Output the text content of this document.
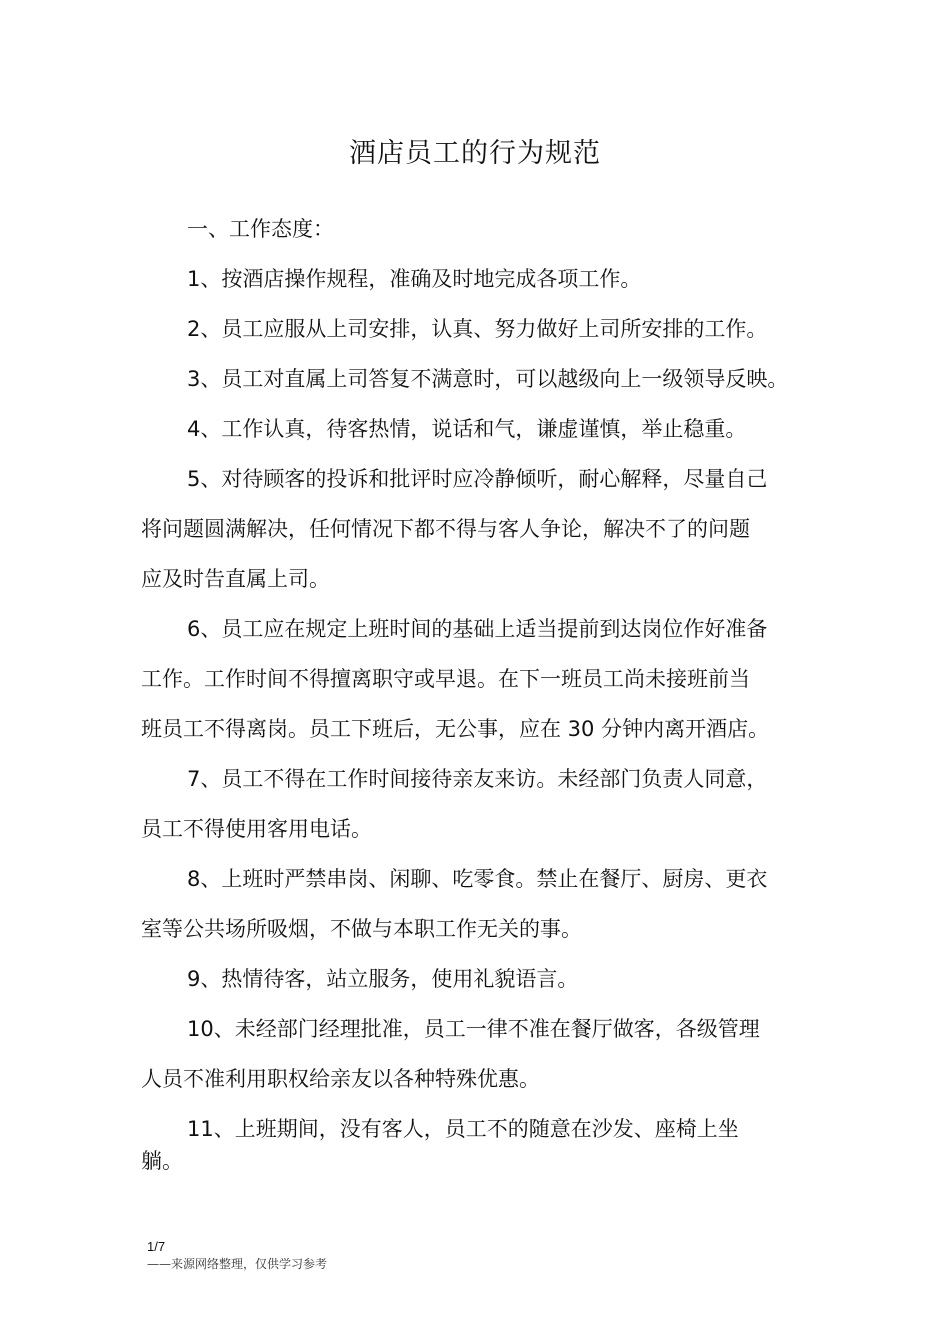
酒店员工的行为规范
一、工作态度：
1、按酒店操作规程，准确及时地完成各项工作。
2、员工应服从上司安排，认真、努力做好上司所安排的工作。
3、员工对直属上司答复不满意时，可以越级向上一级领导反映。
4、工作认真，待客热情，说话和气，谦虚谨慎，举止稳重。
5、对待顾客的投诉和批评时应冷静倾听，耐心解释，尽量自己
将问题圆满解决，任何情况下都不得与客人争论，解决不了的问题
应及时告直属上司。
6、员工应在规定上班时间的基础上适当提前到达岗位作好准备
工作。工作时间不得擅离职守或早退。在下一班员工尚未接班前当
班员工不得离岗。员工下班后，无公事，应在 30 分钟内离开酒店。
7、员工不得在工作时间接待亲友来访。未经部门负责人同意，
员工不得使用客用电话。
8、上班时严禁串岗、闲聊、吃零食。禁止在餐厅、厨房、更衣
室等公共场所吸烟，不做与本职工作无关的事。
9、热情待客，站立服务，使用礼貌语言。
10、未经部门经理批准，员工一律不准在餐厅做客，各级管理
人员不准利用职权给亲友以各种特殊优惠。
11、上班期间，没有客人，员工不的随意在沙发、座椅上坐
躺。
1/7
——来源网络整理，仅供学习参考
